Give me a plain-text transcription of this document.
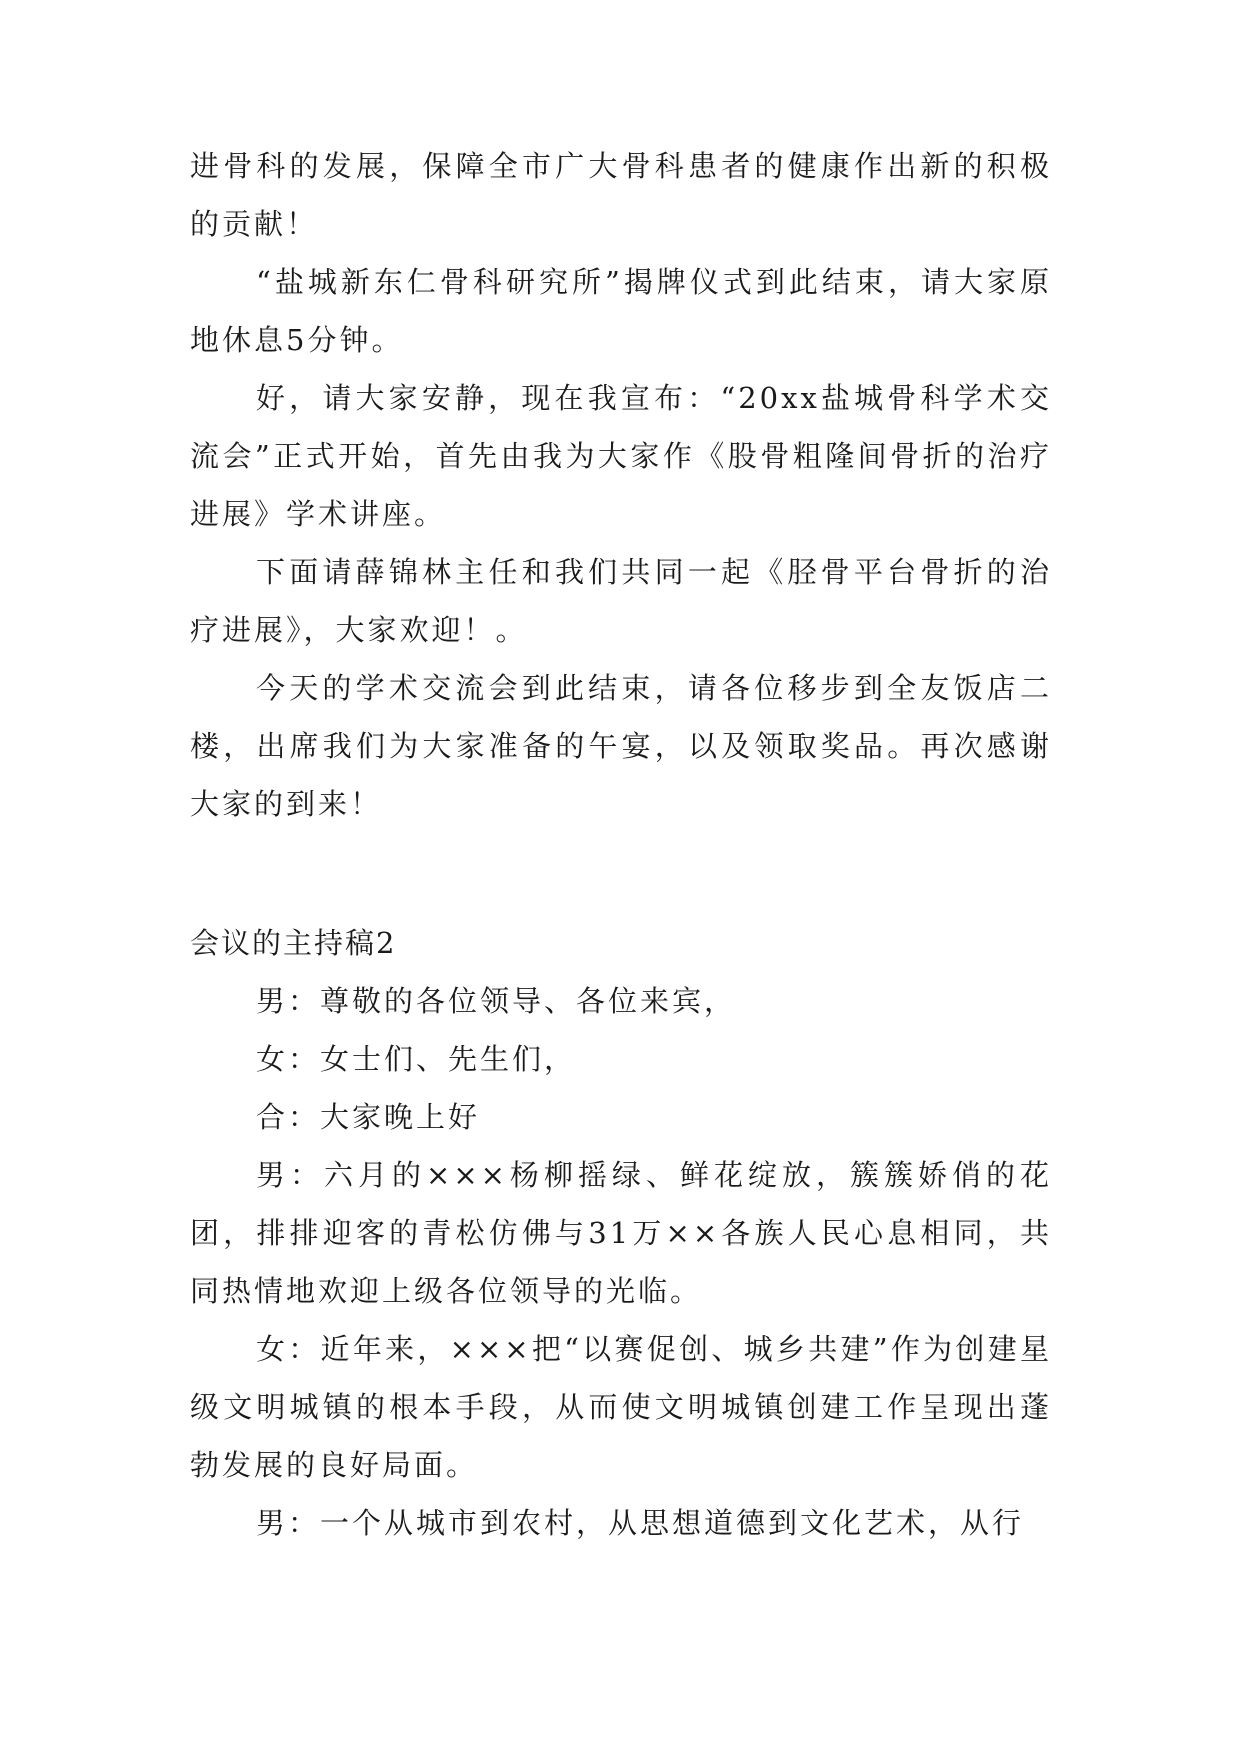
进骨科的发展，保障全市广大骨科患者的健康作出新的积极的贡献！

“盐城新东仁骨科研究所”揭牌仪式到此结束，请大家原地休息5分钟。

好，请大家安静，现在我宣布：“20xx盐城骨科学术交流会”正式开始，首先由我为大家作《股骨粗隆间骨折的治疗进展》学术讲座。

下面请薛锦林主任和我们共同一起《胫骨平台骨折的治疗进展》，大家欢迎！。

今天的学术交流会到此结束，请各位移步到全友饭店二楼，出席我们为大家准备的午宴，以及领取奖品。再次感谢大家的到来！

会议的主持稿2

男：尊敬的各位领导、各位来宾，

女：女士们、先生们，

合：大家晚上好

男：六月的×××杨柳摇绿、鲜花绽放，簇簇娇俏的花团，排排迎客的青松仿佛与31万××各族人民心息相同，共同热情地欢迎上级各位领导的光临。

女：近年来，×××把“以赛促创、城乡共建”作为创建星级文明城镇的根本手段，从而使文明城镇创建工作呈现出蓬勃发展的良好局面。

男：一个从城市到农村，从思想道德到文化艺术，从行
